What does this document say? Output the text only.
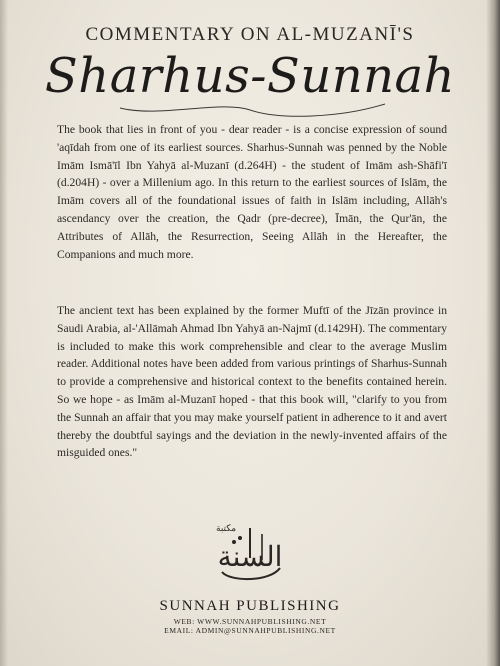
COMMENTARY ON AL-MUZANĪ'S
Sharhus-Sunnah
The book that lies in front of you - dear reader - is a concise expression of sound 'aqīdah from one of its earliest sources. Sharhus-Sunnah was penned by the Noble Imām Ismā'īl Ibn Yahyā al-Muzanī (d.264H) - the student of Imām ash-Shāfi'ī (d.204H) - over a Millenium ago. In this return to the earliest sources of Islām, the Imām covers all of the foundational issues of faith in Islām including, Allāh's ascendancy over the creation, the Qadr (pre-decree), Īmān, the Qur'ān, the Attributes of Allāh, the Resurrection, Seeing Allāh in the Hereafter, the Companions and much more.
The ancient text has been explained by the former Muftī of the Jīzān province in Saudi Arabia, al-'Allāmah Ahmad Ibn Yahyā an-Najmī (d.1429H). The commentary is included to make this work comprehensible and clear to the average Muslim reader. Additional notes have been added from various printings of Sharhus-Sunnah to provide a comprehensive and historical context to the benefits contained herein. So we hope - as Imām al-Muzanī hoped - that this book will, "clarify to you from the Sunnah an affair that you may make yourself patient in adherence to it and avert thereby the doubtful sayings and the deviation in the newly-invented affairs of the misguided ones."
مكتبة
السنة
SUNNAH PUBLISHING
WEB: WWW.SUNNAHPUBLISHING.NET
EMAIL: ADMIN@SUNNAHPUBLISHING.NET
